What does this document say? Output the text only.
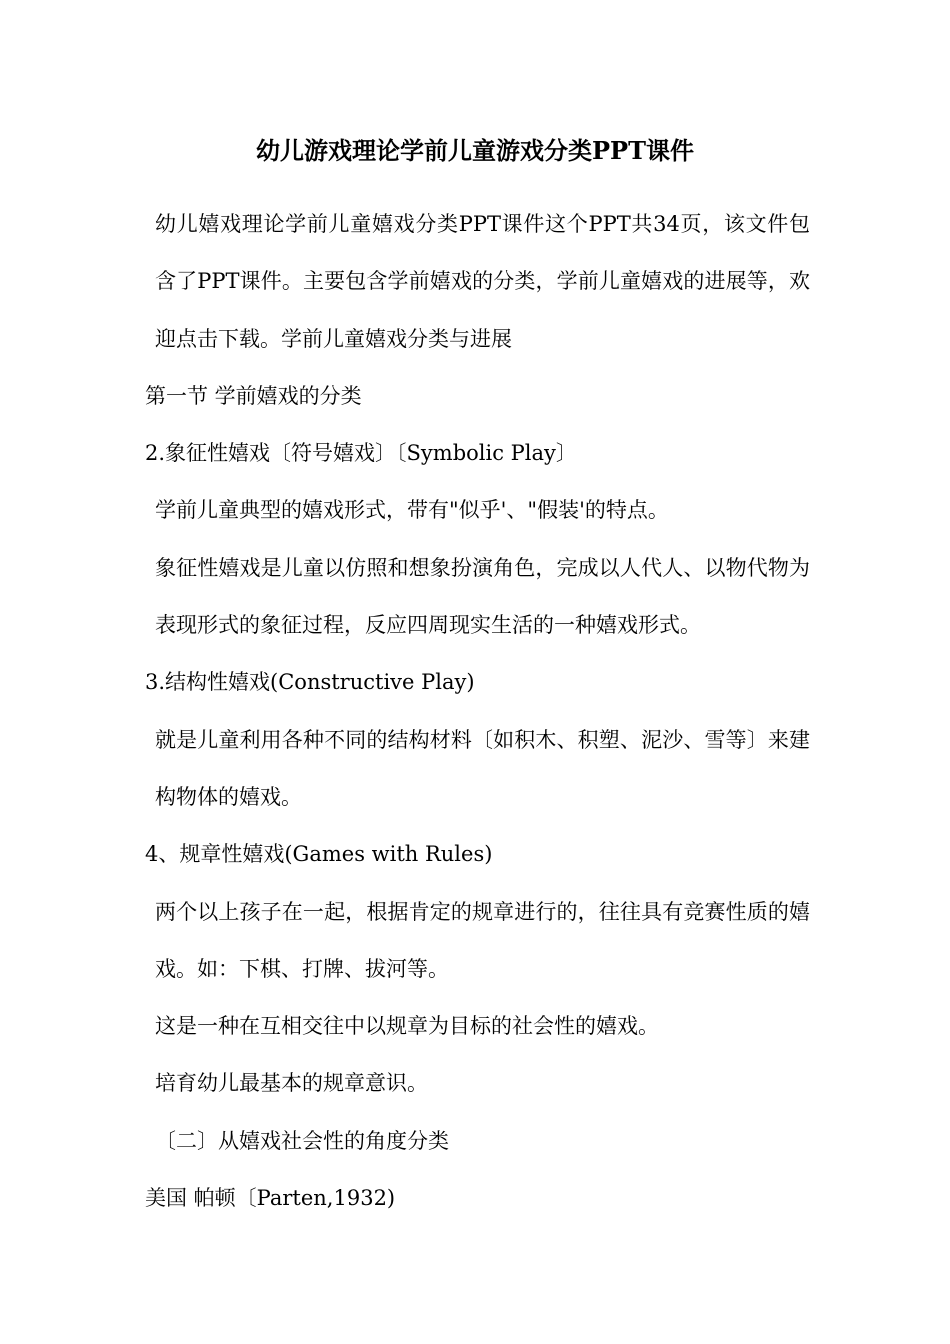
幼儿游戏理论学前儿童游戏分类PPT课件

幼儿嬉戏理论学前儿童嬉戏分类PPT课件这个PPT共34页，该文件包含了PPT课件。主要包含学前嬉戏的分类，学前儿童嬉戏的进展等，欢迎点击下载。学前儿童嬉戏分类与进展

第一节 学前嬉戏的分类

2.象征性嬉戏〔符号嬉戏〕〔Symbolic Play〕

学前儿童典型的嬉戏形式，带有"似乎'、"假装'的特点。

象征性嬉戏是儿童以仿照和想象扮演角色，完成以人代人、以物代物为表现形式的象征过程，反应四周现实生活的一种嬉戏形式。

3.结构性嬉戏(Constructive Play)

就是儿童利用各种不同的结构材料〔如积木、积塑、泥沙、雪等〕来建构物体的嬉戏。

4、规章性嬉戏(Games with Rules)

两个以上孩子在一起，根据肯定的规章进行的，往往具有竞赛性质的嬉戏。如：下棋、打牌、拔河等。

这是一种在互相交往中以规章为目标的社会性的嬉戏。

培育幼儿最基本的规章意识。

〔二〕从嬉戏社会性的角度分类

美国 帕顿〔Parten,1932)
